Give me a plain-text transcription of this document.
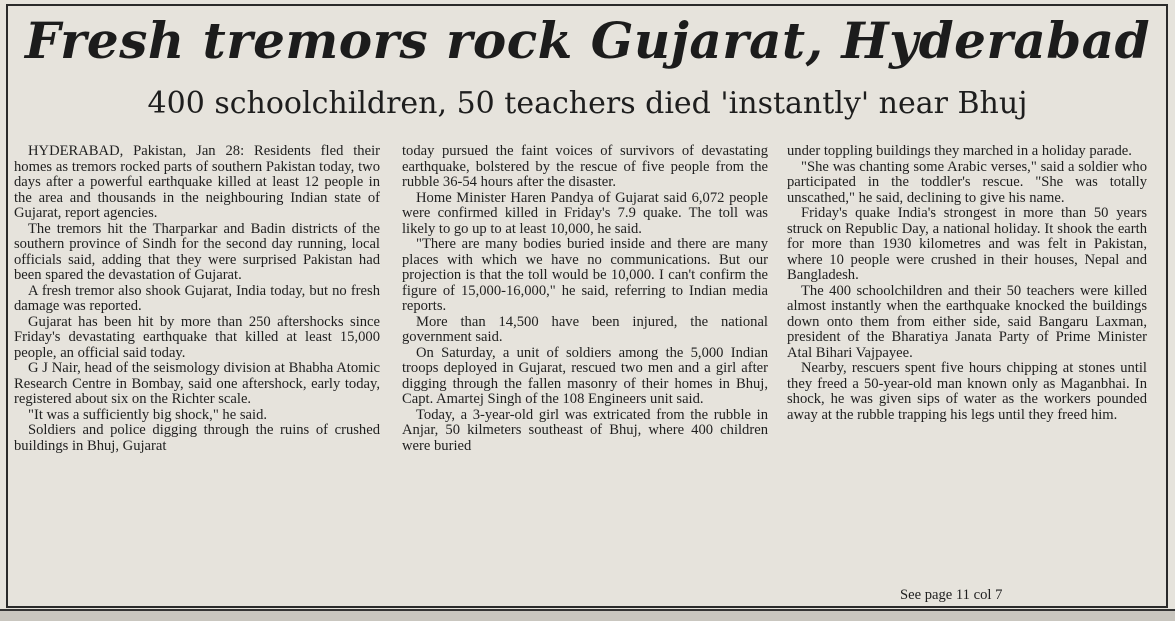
Fresh tremors rock Gujarat, Hyderabad
400 schoolchildren, 50 teachers died 'instantly' near Bhuj

HYDERABAD, Pakistan, Jan 28: Residents fled their homes as tremors rocked parts of southern Pakistan today, two days after a powerful earthquake killed at least 12 people in the area and thousands in the neighbouring Indian state of Gujarat, report agencies.

The tremors hit the Tharparkar and Badin districts of the southern province of Sindh for the second day running, local officials said, adding that they were surprised Pakistan had been spared the devastation of Gujarat.

A fresh tremor also shook Gujarat, India today, but no fresh damage was reported.

Gujarat has been hit by more than 250 aftershocks since Friday's devastating earthquake that killed at least 15,000 people, an official said today.

G J Nair, head of the seismology division at Bhabha Atomic Research Centre in Bombay, said one aftershock, early today, registered about six on the Richter scale.

"It was a sufficiently big shock," he said.

Soldiers and police digging through the ruins of crushed buildings in Bhuj, Gujarat

today pursued the faint voices of survivors of devastating earthquake, bolstered by the rescue of five people from the rubble 36-54 hours after the disaster.

Home Minister Haren Pandya of Gujarat said 6,072 people were confirmed killed in Friday's 7.9 quake. The toll was likely to go up to at least 10,000, he said.

"There are many bodies buried inside and there are many places with which we have no communications. But our projection is that the toll would be 10,000. I can't confirm the figure of 15,000-16,000," he said, referring to Indian media reports.

More than 14,500 have been injured, the national government said.

On Saturday, a unit of soldiers among the 5,000 Indian troops deployed in Gujarat, rescued two men and a girl after digging through the fallen masonry of their homes in Bhuj, Capt. Amartej Singh of the 108 Engineers unit said.

Today, a 3-year-old girl was extricated from the rubble in Anjar, 50 kilmeters southeast of Bhuj, where 400 children were buried

under toppling buildings they marched in a holiday parade.

"She was chanting some Arabic verses," said a soldier who participated in the toddler's rescue. "She was totally unscathed," he said, declining to give his name.

Friday's quake India's strongest in more than 50 years struck on Republic Day, a national holiday. It shook the earth for more than 1930 kilometres and was felt in Pakistan, where 10 people were crushed in their houses, Nepal and Bangladesh.

The 400 schoolchildren and their 50 teachers were killed almost instantly when the earthquake knocked the buildings down onto them from either side, said Bangaru Laxman, president of the Bharatiya Janata Party of Prime Minister Atal Bihari Vajpayee.

Nearby, rescuers spent five hours chipping at stones until they freed a 50-year-old man known only as Maganbhai. In shock, he was given sips of water as the workers pounded away at the rubble trapping his legs until they freed him.

See page 11 col 7
